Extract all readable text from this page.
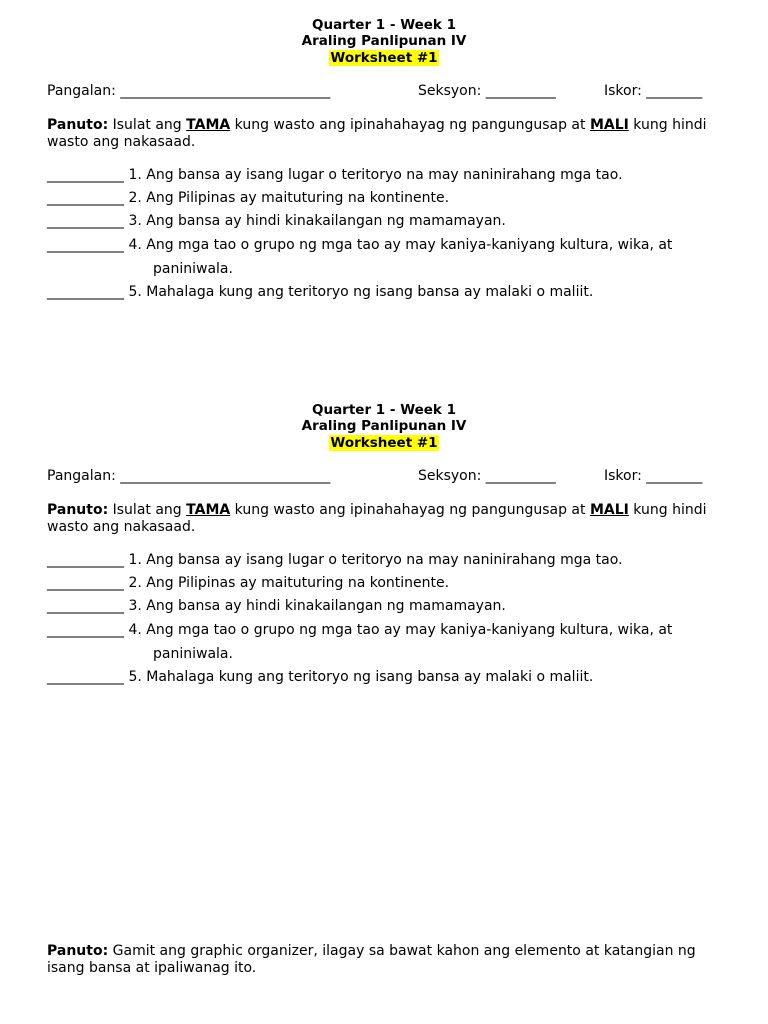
Quarter 1 - Week 1
Araling Panlipunan IV
Worksheet #1
Pangalan: ______________________________	Seksyon: __________	Iskor: ________
Panuto: Isulat ang TAMA kung wasto ang ipinahahayag ng pangungusap at MALI kung hindi wasto ang nakasaad.
___________ 1. Ang bansa ay isang lugar o teritoryo na may naninirahang mga tao.
___________ 2. Ang Pilipinas ay maituturing na kontinente.
___________ 3. Ang bansa ay hindi kinakailangan ng mamamayan.
___________ 4. Ang mga tao o grupo ng mga tao ay may kaniya-kaniyang kultura, wika, at
paniniwala.
___________ 5. Mahalaga kung ang teritoryo ng isang bansa ay malaki o maliit.
Quarter 1 - Week 1
Araling Panlipunan IV
Worksheet #1
Pangalan: ______________________________	Seksyon: __________	Iskor: ________
Panuto: Isulat ang TAMA kung wasto ang ipinahahayag ng pangungusap at MALI kung hindi wasto ang nakasaad.
___________ 1. Ang bansa ay isang lugar o teritoryo na may naninirahang mga tao.
___________ 2. Ang Pilipinas ay maituturing na kontinente.
___________ 3. Ang bansa ay hindi kinakailangan ng mamamayan.
___________ 4. Ang mga tao o grupo ng mga tao ay may kaniya-kaniyang kultura, wika, at
paniniwala.
___________ 5. Mahalaga kung ang teritoryo ng isang bansa ay malaki o maliit.
Panuto: Gamit ang graphic organizer, ilagay sa bawat kahon ang elemento at katangian ng isang bansa at ipaliwanag ito.
